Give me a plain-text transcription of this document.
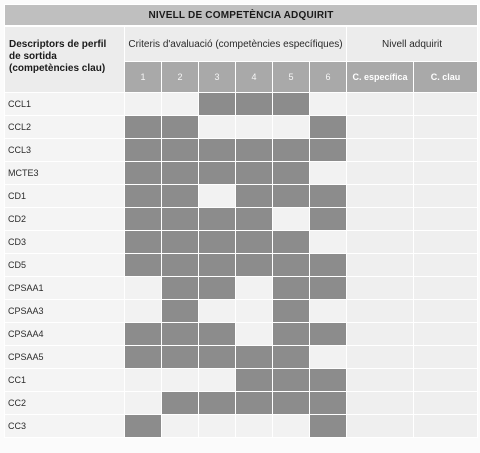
NIVELL DE COMPETÈNCIA ADQUIRIT								
Descriptors de perfil de sortida (competències clau)	Criteris d'avaluació (competències específiques)						Nivell adquirit	
	1	2	3	4	5	6	C. específica	C. clau
CCL1								
CCL2								
CCL3								
MCTE3								
CD1								
CD2								
CD3								
CD5								
CPSAA1								
CPSAA3								
CPSAA4								
CPSAA5								
CC1								
CC2								
CC3								
